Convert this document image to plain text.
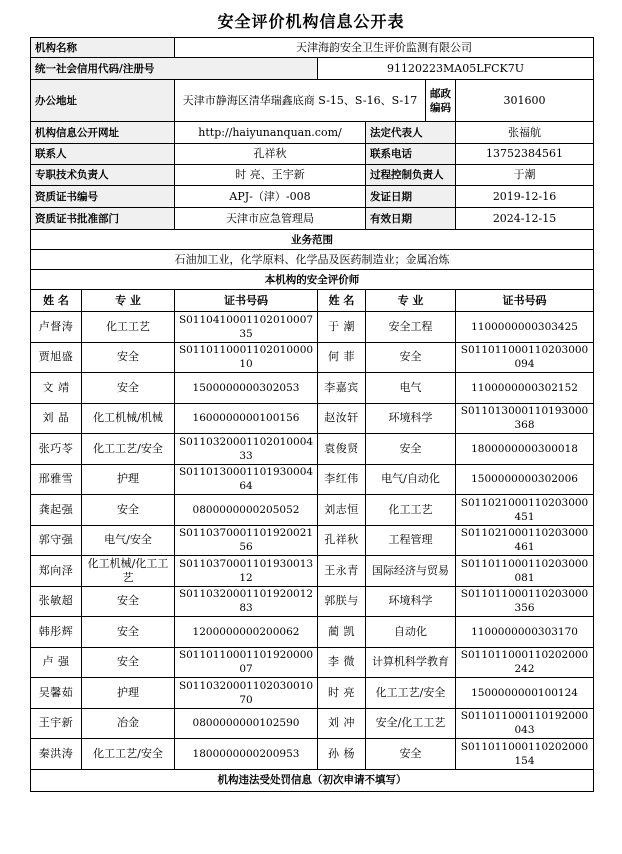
安全评价机构信息公开表
机构名称		天津海韵安全卫生评价监测有限公司				
统一社会信用代码/注册号			91120223MA05LFCK7U			
办公地址		天津市静海区清华瑞鑫底商 S-15、S-16、S-17			邮政编码	301600
机构信息公开网址		http://haiyunanquan.com/		法定代表人		张福航
联系人		孔祥秋		联系电话		13752384561
专职技术负责人		时 亮、王宇新		过程控制负责人		于潮
资质证书编号		APJ-（津）-008		发证日期		2019-12-16
资质证书批准部门		天津市应急管理局		有效日期		2024-12-15
业务范围						
石油加工业，化学原料、化学品及医药制造业；金属冶炼						
本机构的安全评价师						
姓 名	专 业	证书号码	姓 名	专 业		证书号码
卢督涛	化工工艺	S011041000110201000735	于 潮	安全工程		1100000000303425
贾旭盛	安全	S011011000110201000010	何 菲	安全		S011011000110203000094
文 靖	安全	1500000000302053	李嘉宾	电气		1100000000302152
刘 晶	化工机械/机械	1600000000100156	赵汝轩	环境科学		S011013000110193000368
张巧苓	化工工艺/安全	S011032000110201000433	袁俊贤	安全		1800000000300018
邢雅雪	护理	S011013000110193000464	李红伟	电气/自动化		1500000000302006
龚起强	安全	0800000000205052	刘志恒	化工工艺		S011021000110203000451
郭守强	电气/安全	S011037000110192002156	孔祥秋	工程管理		S011021000110203000461
郑向泽	化工机械/化工工艺	S011037000110193001312	王永青	国际经济与贸易		S011011000110203000081
张敏超	安全	S011032000110192001283	郭朕与	环境科学		S011011000110203000356
韩彤辉	安全	1200000000200062	蔺 凯	自动化		1100000000303170
卢 强	安全	S011011000110192000007	李 微	计算机科学教育		S011011000110202000242
吴馨茹	护理	S011032000110203001070	时 亮	化工工艺/安全		1500000000100124
王宇新	冶金	0800000000102590	刘 冲	安全/化工工艺		S011011000110192000043
秦洪涛	化工工艺/安全	1800000000200953	孙 杨	安全		S011011000110202000154
机构违法受处罚信息（初次申请不填写）						
